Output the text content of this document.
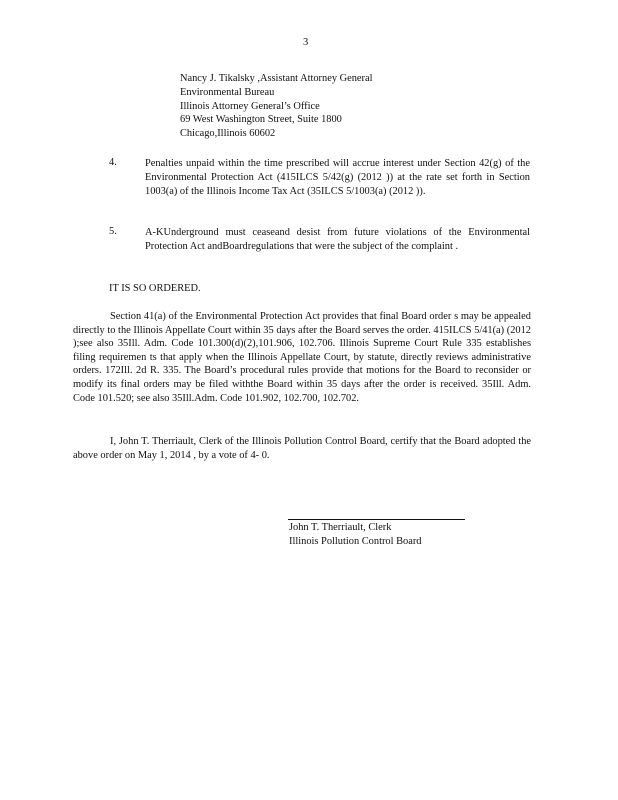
3
Nancy J. Tikalsky ,Assistant Attorney General
Environmental Bureau
Illinois Attorney General’s Office
69 West Washington Street, Suite 1800
Chicago,Illinois 60602
4.	Penalties unpaid within the time prescribed will accrue interest under Section 42(g) of the Environmental Protection Act (415ILCS 5/42(g) (2012 )) at the rate set forth in Section 1003(a) of the Illinois Income Tax Act (35ILCS 5/1003(a) (2012 )).
5.	A-KUnderground must ceaseand desist from future violations of the Environmental Protection Act andBoardregulations that were the subject of the complaint .
IT IS SO ORDERED.
Section 41(a) of the Environmental Protection Act provides that final Board order s may be appealed directly to the Illinois Appellate Court within 35 days after the Board serves the order. 415ILCS 5/41(a) (2012 );see also 35Ill. Adm. Code 101.300(d)(2),101.906, 102.706. Illinois Supreme Court Rule 335 establishes filing requiremen ts that apply when the Illinois Appellate Court, by statute, directly reviews administrative orders. 172Ill. 2d R. 335. The Board’s procedural rules provide that motions for the Board to reconsider or modify its final orders may be filed withthe Board within 35 days after the order is received. 35Ill. Adm. Code 101.520; see also 35Ill.Adm. Code 101.902, 102.700, 102.702.
I, John T. Therriault, Clerk of the Illinois Pollution Control Board, certify that the Board adopted the above order on May 1, 2014 , by a vote of 4- 0.
John T. Therriault, Clerk
Illinois Pollution Control Board
